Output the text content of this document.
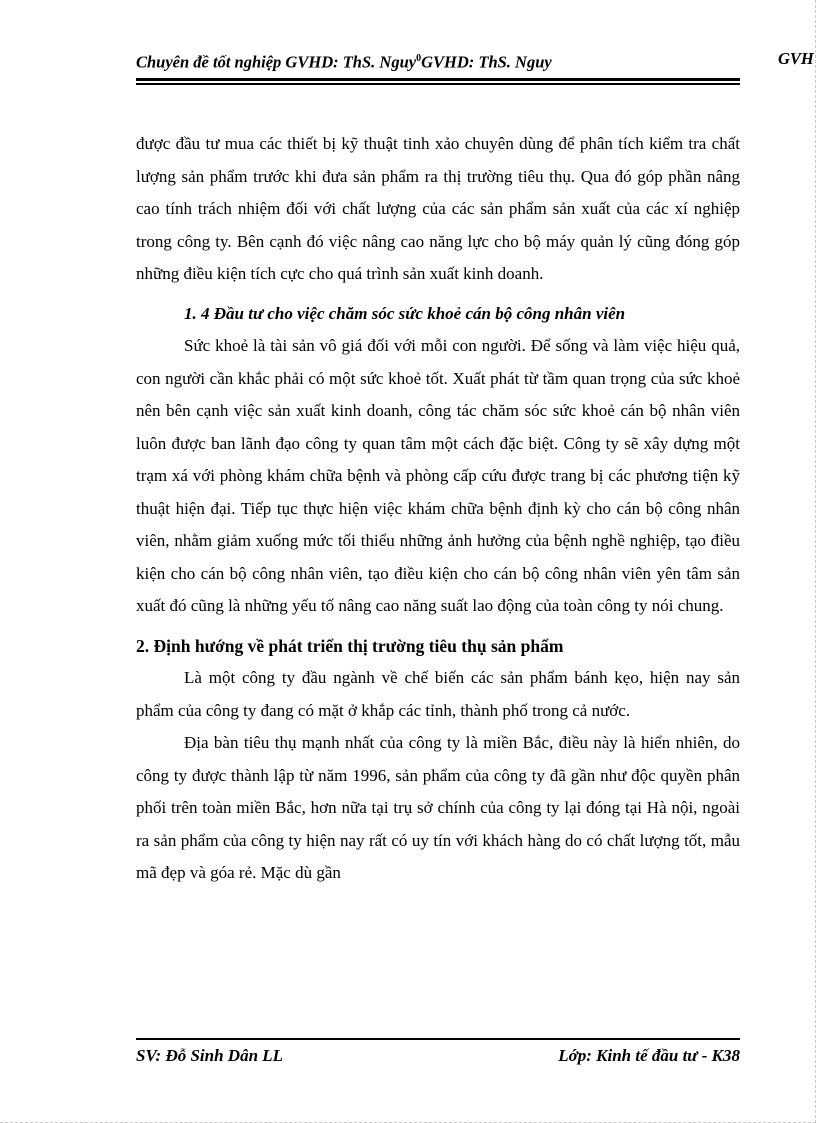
Chuyên đề tốt nghiệp GVHD: ThS. Nguy$^0$GVHD: ThS. Nguy	GVH

được đầu tư mua các thiết bị kỹ thuật tinh xảo chuyên dùng để phân tích kiểm tra chất lượng sản phẩm trước khi đưa sản phẩm ra thị trường tiêu thụ. Qua đó góp phần nâng cao tính trách nhiệm đối với chất lượng của các sản phẩm sản xuất của các xí nghiệp trong công ty. Bên cạnh đó việc nâng cao năng lực cho bộ máy quản lý cũng đóng góp những điều kiện tích cực cho quá trình sản xuất kinh doanh.

1. 4 Đầu tư cho việc chăm sóc sức khoẻ cán bộ công nhân viên

Sức khoẻ là tài sản vô giá đối với mỗi con người. Để sống và làm việc hiệu quả, con người cần khắc phải có một sức khoẻ tốt. Xuất phát từ tầm quan trọng của sức khoẻ nên bên cạnh việc sản xuất kinh doanh, công tác chăm sóc sức khoẻ cán bộ nhân viên luôn được ban lãnh đạo công ty quan tâm một cách đặc biệt. Công ty sẽ xây dựng một trạm xá với phòng khám chữa bệnh và phòng cấp cứu được trang bị các phương tiện kỹ thuật hiện đại. Tiếp tục thực hiện việc khám chữa bệnh định kỳ cho cán bộ công nhân viên, nhằm giảm xuống mức tối thiểu những ảnh hưởng của bệnh nghề nghiệp, tạo điều kiện cho cán bộ công nhân viên, tạo điều kiện cho cán bộ công nhân viên yên tâm sản xuất đó cũng là những yếu tố nâng cao năng suất lao động của toàn công ty nói chung.

2. Định hướng về phát triển thị trường tiêu thụ sản phẩm

Là một công ty đầu ngành về chế biến các sản phẩm bánh kẹo, hiện nay sản phẩm của công ty đang có mặt ở khắp các tỉnh, thành phố trong cả nước.

Địa bàn tiêu thụ mạnh nhất của công ty là miền Bắc, điều này là hiển nhiên, do công ty được thành lập từ năm 1996, sản phẩm của công ty đã gần như độc quyền phân phối trên toàn miền Bắc, hơn nữa tại trụ sở chính của công ty lại đóng tại Hà nội, ngoài ra sản phẩm của công ty hiện nay rất có uy tín với khách hàng do có chất lượng tốt, mẫu mã đẹp và góa rẻ. Mặc dù gần

SV: Đỗ Sinh Dân LL	Lớp: Kinh tế đầu tư - K38
